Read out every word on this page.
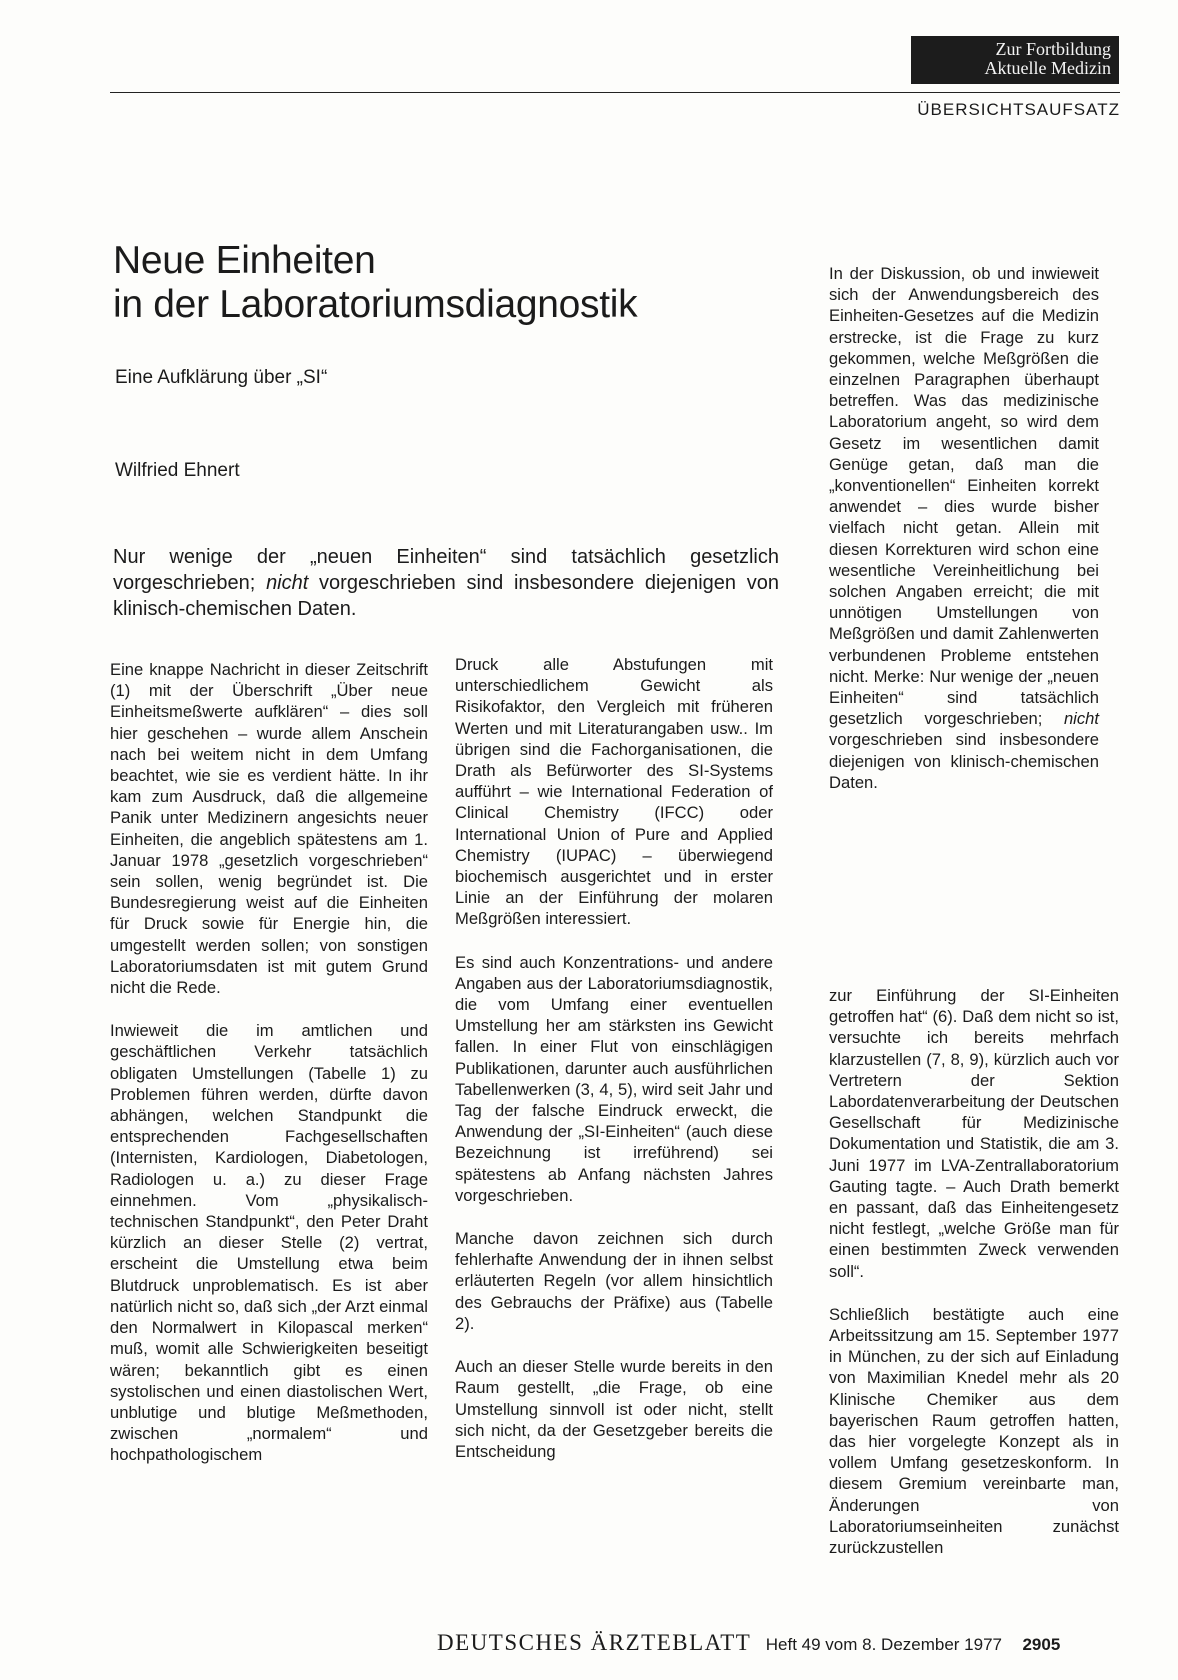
Zur Fortbildung
Aktuelle Medizin
ÜBERSICHTSAUFSATZ
Neue Einheiten
in der Laboratoriumsdiagnostik
Eine Aufklärung über „SI“
Wilfried Ehnert
Nur wenige der „neuen Einheiten“ sind tatsächlich gesetzlich vorgeschrieben; nicht vorgeschrieben sind insbesondere diejenigen von klinisch-chemischen Daten.

Eine knappe Nachricht in dieser Zeitschrift (1) mit der Überschrift „Über neue Einheitsmeßwerte aufklären“ – dies soll hier geschehen – wurde allem Anschein nach bei weitem nicht in dem Umfang beachtet, wie sie es verdient hätte. In ihr kam zum Ausdruck, daß die allgemeine Panik unter Medizinern angesichts neuer Einheiten, die angeblich spätestens am 1. Januar 1978 „gesetzlich vorgeschrieben“ sein sollen, wenig begründet ist. Die Bundesregierung weist auf die Einheiten für Druck sowie für Energie hin, die umgestellt werden sollen; von sonstigen Laboratoriumsdaten ist mit gutem Grund nicht die Rede.

Inwieweit die im amtlichen und geschäftlichen Verkehr tatsächlich obligaten Umstellungen (Tabelle 1) zu Problemen führen werden, dürfte davon abhängen, welchen Standpunkt die entsprechenden Fachgesellschaften (Internisten, Kardiologen, Diabetologen, Radiologen u. a.) zu dieser Frage einnehmen. Vom „physikalisch-technischen Standpunkt“, den Peter Draht kürzlich an dieser Stelle (2) vertrat, erscheint die Umstellung etwa beim Blutdruck unproblematisch. Es ist aber natürlich nicht so, daß sich „der Arzt einmal den Normalwert in Kilopascal merken“ muß, womit alle Schwierigkeiten beseitigt wären; bekanntlich gibt es einen systolischen und einen diastolischen Wert, unblutige und blutige Meßmethoden, zwischen „normalem“ und hochpathologischem

Druck alle Abstufungen mit unterschiedlichem Gewicht als Risikofaktor, den Vergleich mit früheren Werten und mit Literaturangaben usw.. Im übrigen sind die Fachorganisationen, die Drath als Befürworter des SI-Systems aufführt – wie International Federation of Clinical Chemistry (IFCC) oder International Union of Pure and Applied Chemistry (IUPAC) – überwiegend biochemisch ausgerichtet und in erster Linie an der Einführung der molaren Meßgrößen interessiert.

Es sind auch Konzentrations- und andere Angaben aus der Laboratoriumsdiagnostik, die vom Umfang einer eventuellen Umstellung her am stärksten ins Gewicht fallen. In einer Flut von einschlägigen Publikationen, darunter auch ausführlichen Tabellenwerken (3, 4, 5), wird seit Jahr und Tag der falsche Eindruck erweckt, die Anwendung der „SI-Einheiten“ (auch diese Bezeichnung ist irreführend) sei spätestens ab Anfang nächsten Jahres vorgeschrieben.

Manche davon zeichnen sich durch fehlerhafte Anwendung der in ihnen selbst erläuterten Regeln (vor allem hinsichtlich des Gebrauchs der Präfixe) aus (Tabelle 2).

Auch an dieser Stelle wurde bereits in den Raum gestellt, „die Frage, ob eine Umstellung sinnvoll ist oder nicht, stellt sich nicht, da der Gesetzgeber bereits die Entscheidung

zur Einführung der SI-Einheiten getroffen hat“ (6). Daß dem nicht so ist, versuchte ich bereits mehrfach klarzustellen (7, 8, 9), kürzlich auch vor Vertretern der Sektion Labordatenverarbeitung der Deutschen Gesellschaft für Medizinische Dokumentation und Statistik, die am 3. Juni 1977 im LVA-Zentrallaboratorium Gauting tagte. – Auch Drath bemerkt en passant, daß das Einheitengesetz nicht festlegt, „welche Größe man für einen bestimmten Zweck verwenden soll“.

Schließlich bestätigte auch eine Arbeitssitzung am 15. September 1977 in München, zu der sich auf Einladung von Maximilian Knedel mehr als 20 Klinische Chemiker aus dem bayerischen Raum getroffen hatten, das hier vorgelegte Konzept als in vollem Umfang gesetzeskonform. In diesem Gremium vereinbarte man, Änderungen von Laboratoriumseinheiten zunächst zurückzustellen

In der Diskussion, ob und inwieweit sich der Anwendungsbereich des Einheiten-Gesetzes auf die Medizin erstrecke, ist die Frage zu kurz gekommen, welche Meßgrößen die einzelnen Paragraphen überhaupt betreffen. Was das medizinische Laboratorium angeht, so wird dem Gesetz im wesentlichen damit Genüge getan, daß man die „konventionellen“ Einheiten korrekt anwendet – dies wurde bisher vielfach nicht getan. Allein mit diesen Korrekturen wird schon eine wesentliche Vereinheitlichung bei solchen Angaben erreicht; die mit unnötigen Umstellungen von Meßgrößen und damit Zahlenwerten verbundenen Probleme entstehen nicht. Merke: Nur wenige der „neuen Einheiten“ sind tatsächlich gesetzlich vorgeschrieben; nicht vorgeschrieben sind insbesondere diejenigen von klinisch-chemischen Daten.
DEUTSCHES ÄRZTEBLATT Heft 49 vom 8. Dezember 1977 2905
